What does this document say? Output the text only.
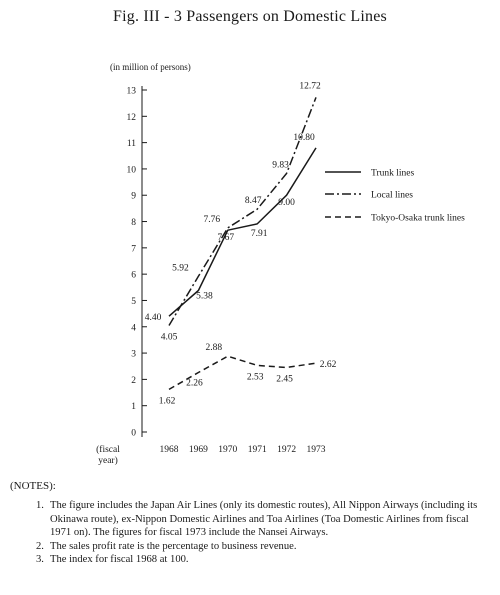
Fig. III - 3 Passengers on Domestic Lines
0
1
2
3
4
5
6
7
8
9
10
11
12
13
(in million of persons)
1968 1969 1970 1971 1972 1973
(fiscal
year)
4.40
5.38
7.67 7.91
9.00
10.80
4.05
5.92
7.76
8.47
9.83
12.72
1.62
2.26
2.88
2.53 2.45
2.62
Trunk lines
Local lines
Tokyo-Osaka trunk lines
(NOTES):
1. The figure includes the Japan Air Lines (only its domestic routes), All Nippon Airways (including its Okinawa route), ex-Nippon Domestic Airlines and Toa Airlines (Toa Domestic Airlines from fiscal 1971 on). The figures for fiscal 1973 include the Nansei Airways.
2. The sales profit rate is the percentage to business revenue.
3. The index for fiscal 1968 at 100.
